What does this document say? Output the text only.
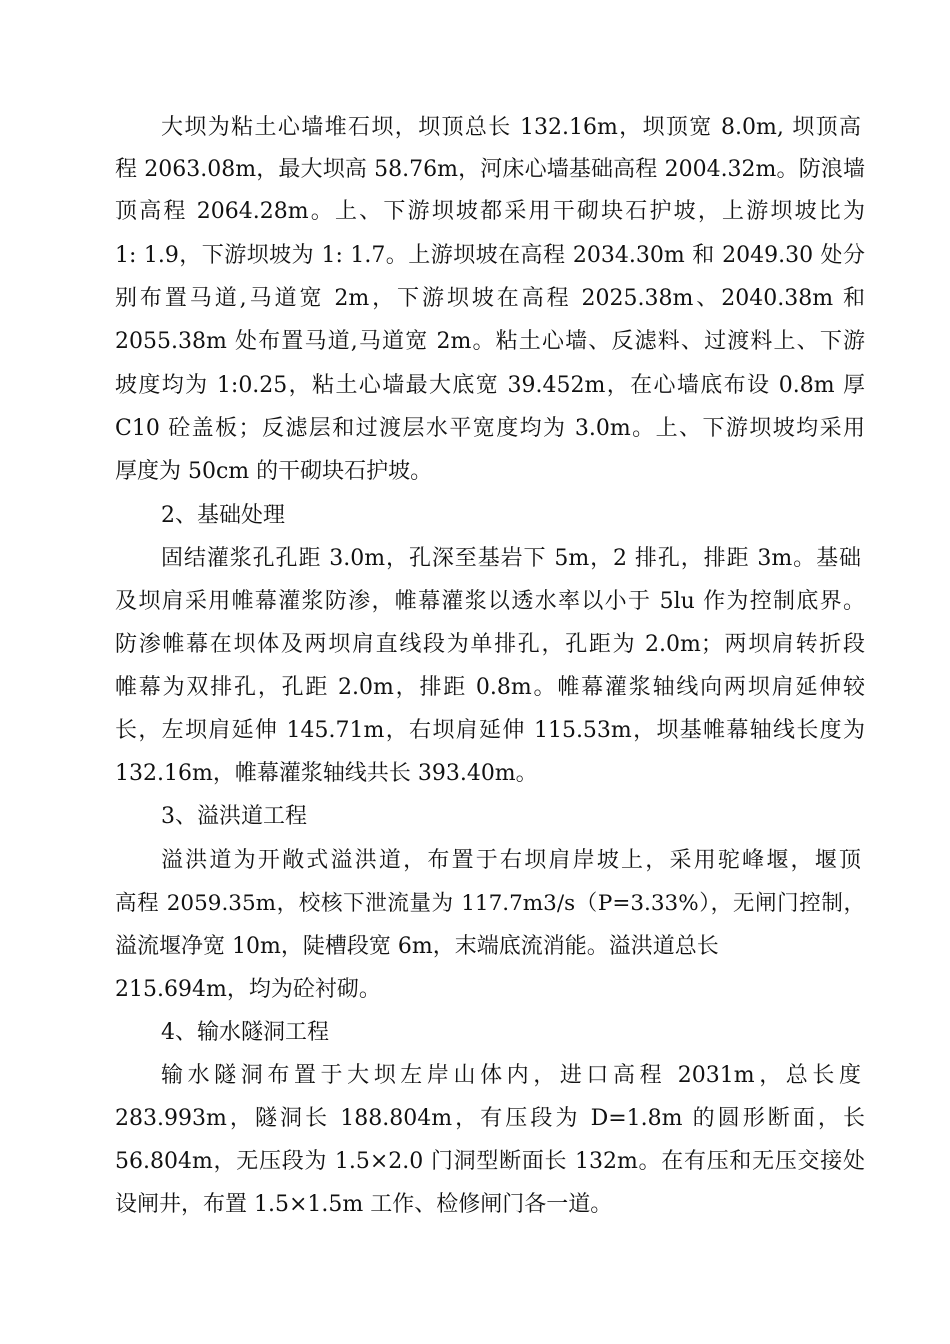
大坝为粘土心墙堆石坝，坝顶总长 132.16m，坝顶宽 8.0m, 坝顶高
程 2063.08m，最大坝高 58.76m，河床心墙基础高程 2004.32m。防浪墙
顶高程 2064.28m。上、下游坝坡都采用干砌块石护坡，上游坝坡比为
1: 1.9，下游坝坡为 1: 1.7。上游坝坡在高程 2034.30m 和 2049.30 处分
别布置马道,马道宽 2m，下游坝坡在高程 2025.38m、2040.38m 和
2055.38m 处布置马道,马道宽 2m。粘土心墙、反滤料、过渡料上、下游
坡度均为 1:0.25，粘土心墙最大底宽 39.452m，在心墙底布设 0.8m 厚
C10 砼盖板；反滤层和过渡层水平宽度均为 3.0m。上、下游坝坡均采用
厚度为 50cm 的干砌块石护坡。
2、基础处理
固结灌浆孔孔距 3.0m，孔深至基岩下 5m，2 排孔，排距 3m。基础
及坝肩采用帷幕灌浆防渗，帷幕灌浆以透水率以小于 5lu 作为控制底界。
防渗帷幕在坝体及两坝肩直线段为单排孔，孔距为 2.0m；两坝肩转折段
帷幕为双排孔，孔距 2.0m，排距 0.8m。帷幕灌浆轴线向两坝肩延伸较
长，左坝肩延伸 145.71m，右坝肩延伸 115.53m，坝基帷幕轴线长度为
132.16m，帷幕灌浆轴线共长 393.40m。
3、溢洪道工程
溢洪道为开敞式溢洪道，布置于右坝肩岸坡上，采用驼峰堰，堰顶
高程 2059.35m，校核下泄流量为 117.7m3/s（P=3.33%），无闸门控制，
溢流堰净宽 10m，陡槽段宽 6m，末端底流消能。溢洪道总长
215.694m，均为砼衬砌。
4、输水隧洞工程
输水隧洞布置于大坝左岸山体内，进口高程 2031m，总长度
283.993m，隧洞长 188.804m，有压段为 D=1.8m 的圆形断面，长
56.804m，无压段为 1.5×2.0 门洞型断面长 132m。在有压和无压交接处
设闸井，布置 1.5×1.5m 工作、检修闸门各一道。
